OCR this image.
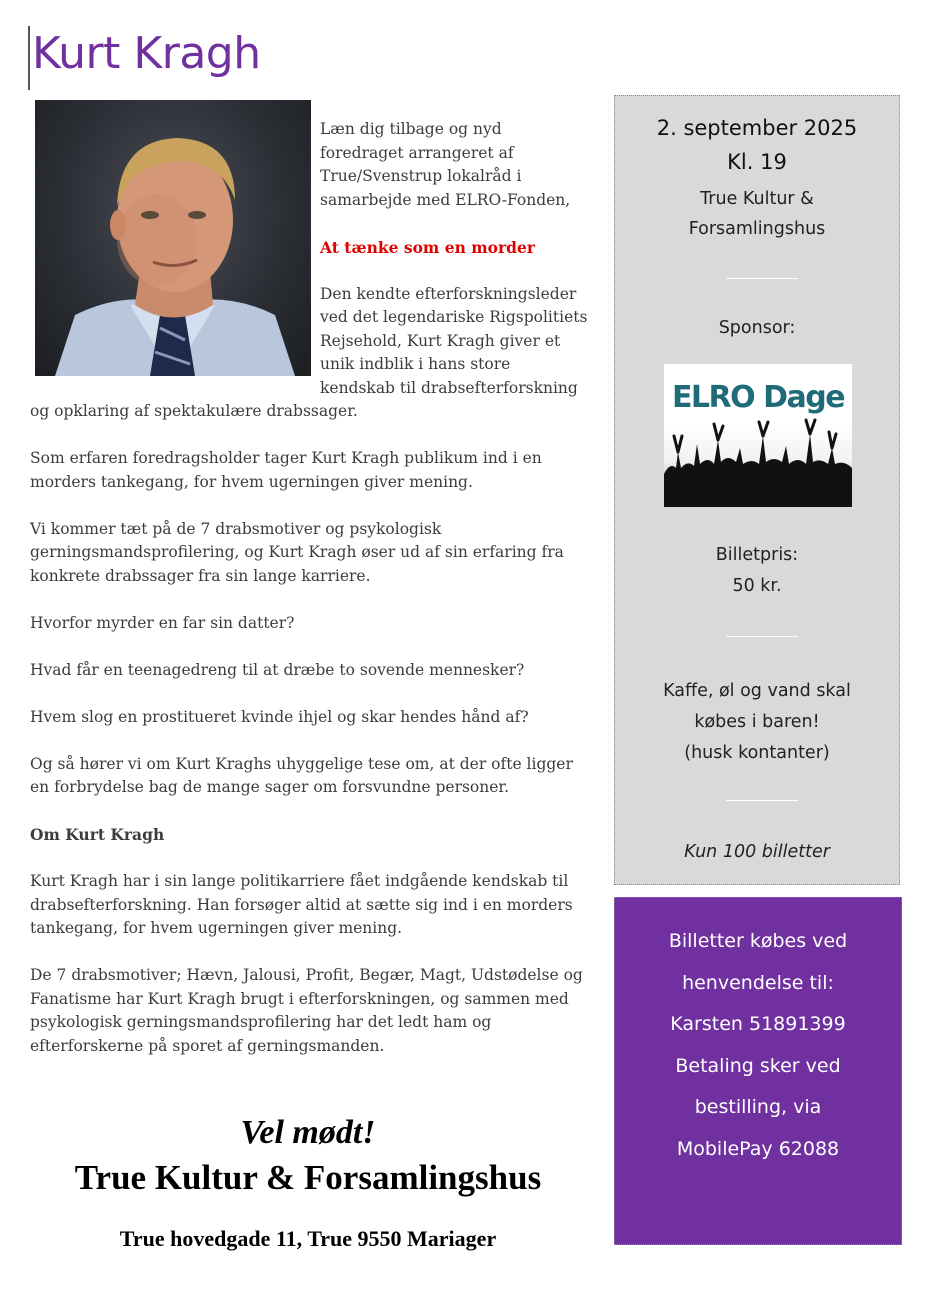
Kurt Kragh

Læn dig tilbage og nyd foredraget arrangeret af True/Svenstrup lokalråd i samarbejde med ELRO-Fonden,

At tænke som en morder

Den kendte efterforskningsleder ved det legendariske Rigspolitiets Rejsehold, Kurt Kragh giver et unik indblik i hans store kendskab til drabsefterforskning og opklaring af spektakulære drabssager.

Som erfaren foredragsholder tager Kurt Kragh publikum ind i en morders tankegang, for hvem ugerningen giver mening.

Vi kommer tæt på de 7 drabsmotiver og psykologisk gerningsmandsprofilering, og Kurt Kragh øser ud af sin erfaring fra konkrete drabssager fra sin lange karriere.

Hvorfor myrder en far sin datter?

Hvad får en teenagedreng til at dræbe to sovende mennesker?

Hvem slog en prostitueret kvinde ihjel og skar hendes hånd af?

Og så hører vi om Kurt Kraghs uhyggelige tese om, at der ofte ligger en forbrydelse bag de mange sager om forsvundne personer.

Om Kurt Kragh

Kurt Kragh har i sin lange politikarriere fået indgående kendskab til drabsefterforskning. Han forsøger altid at sætte sig ind i en morders tankegang, for hvem ugerningen giver mening.

De 7 drabsmotiver; Hævn, Jalousi, Profit, Begær, Magt, Udstødelse og Fanatisme har Kurt Kragh brugt i efterforskningen, og sammen med psykologisk gerningsmandsprofilering har det ledt ham og efterforskerne på sporet af gerningsmanden.

Vel mødt!
True Kultur & Forsamlingshus
True hovedgade 11, True 9550 Mariager
2. september 2025
Kl. 19
True Kultur &
Forsamlingshus
Sponsor:
ELRO Dage
Billetpris:
50 kr.
Kaffe, øl og vand skal
købes i baren!
(husk kontanter)
Kun 100 billetter
Billetter købes ved
henvendelse til:
Karsten 51891399
Betaling sker ved
bestilling, via
MobilePay 62088
